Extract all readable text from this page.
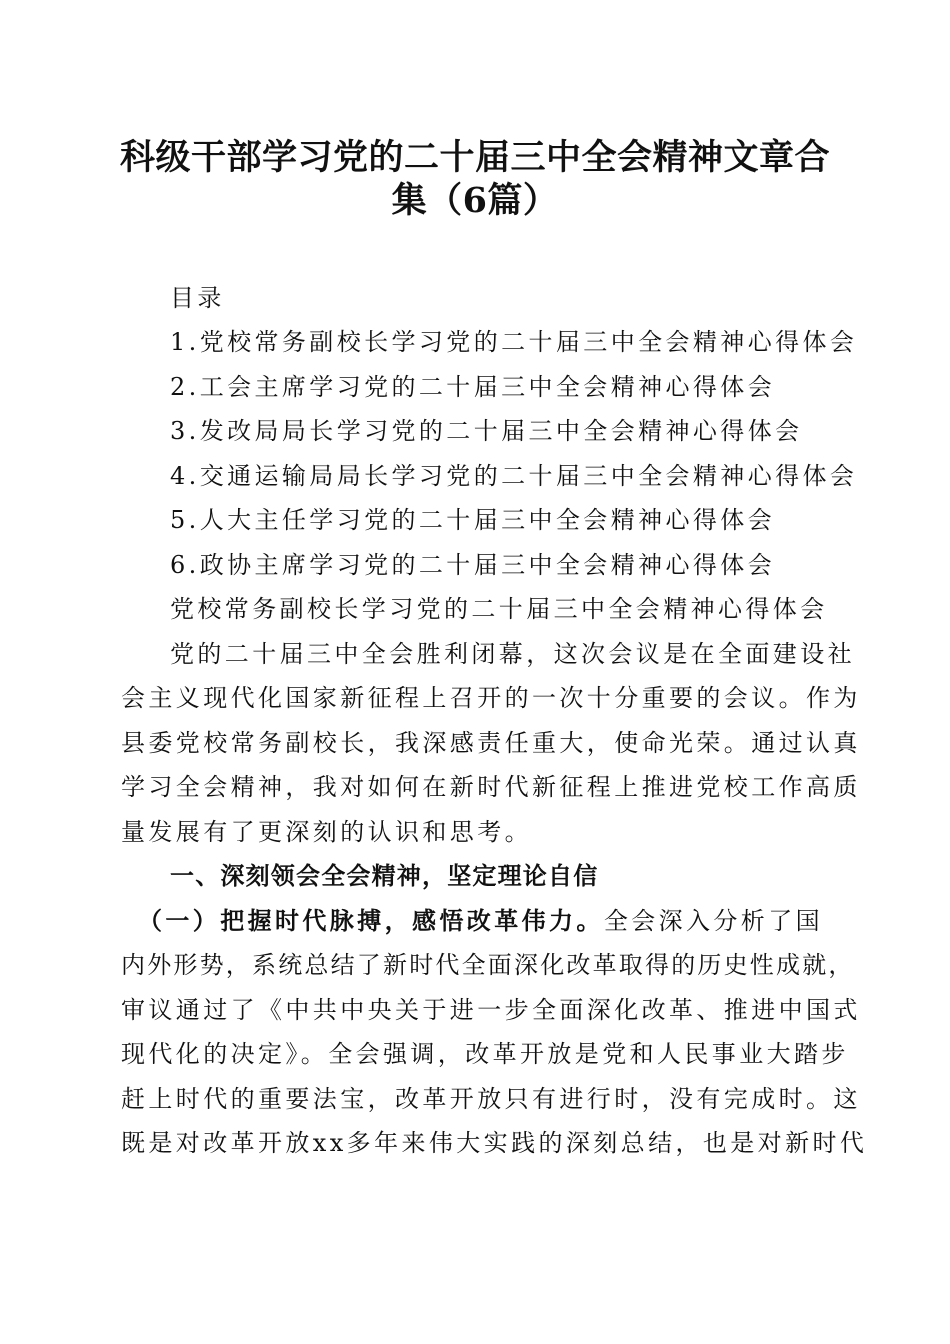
科级干部学习党的二十届三中全会精神文章合
集（6篇）
目录
1.党校常务副校长学习党的二十届三中全会精神心得体会
2.工会主席学习党的二十届三中全会精神心得体会
3.发改局局长学习党的二十届三中全会精神心得体会
4.交通运输局局长学习党的二十届三中全会精神心得体会
5.人大主任学习党的二十届三中全会精神心得体会
6.政协主席学习党的二十届三中全会精神心得体会
党校常务副校长学习党的二十届三中全会精神心得体会
党的二十届三中全会胜利闭幕，这次会议是在全面建设社
会主义现代化国家新征程上召开的一次十分重要的会议。作为
县委党校常务副校长，我深感责任重大，使命光荣。通过认真
学习全会精神，我对如何在新时代新征程上推进党校工作高质
量发展有了更深刻的认识和思考。
一、深刻领会全会精神，坚定理论自信
（一）把握时代脉搏，感悟改革伟力。全会深入分析了国
内外形势，系统总结了新时代全面深化改革取得的历史性成就，
审议通过了《中共中央关于进一步全面深化改革、推进中国式
现代化的决定》。全会强调，改革开放是党和人民事业大踏步
赶上时代的重要法宝，改革开放只有进行时，没有完成时。这
既是对改革开放xx多年来伟大实践的深刻总结，也是对新时代
